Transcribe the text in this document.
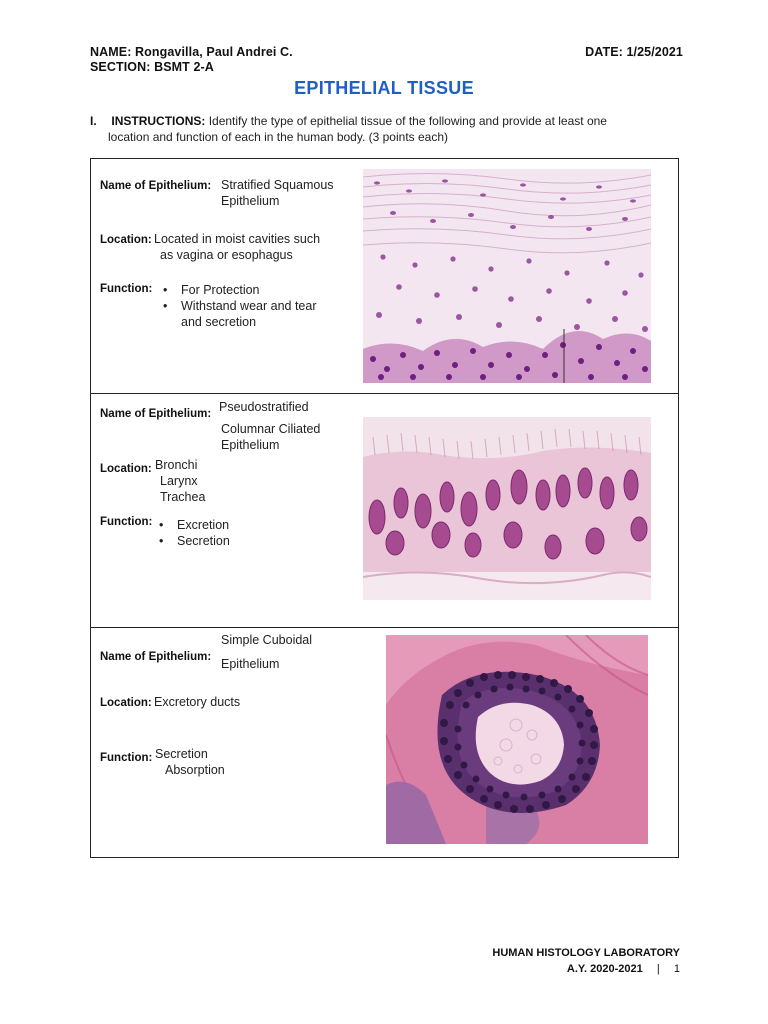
NAME: Rongavilla, Paul Andrei C.
SECTION: BSMT 2-A
DATE: 1/25/2021
EPITHELIAL TISSUE
I. INSTRUCTIONS: Identify the type of epithelial tissue of the following and provide at least one
location and function of each in the human body. (3 points each)
Name of Epithelium: Stratified Squamous
Epithelium
Location: Located in moist cavities such
as vagina or esophagus
Function:	• For Protection
• Withstand wear and tear and secretion
Name of Epithelium: Pseudostratified
Columnar Ciliated
Epithelium
Location: Bronchi
Larynx
Trachea
Function:	• Excretion
• Secretion
Name of Epithelium:
Simple Cuboidal
Epithelium
Location: Excretory ducts
Function: Secretion
Absorption
HUMAN HISTOLOGY LABORATORY
A.Y. 2020-2021 | 1
